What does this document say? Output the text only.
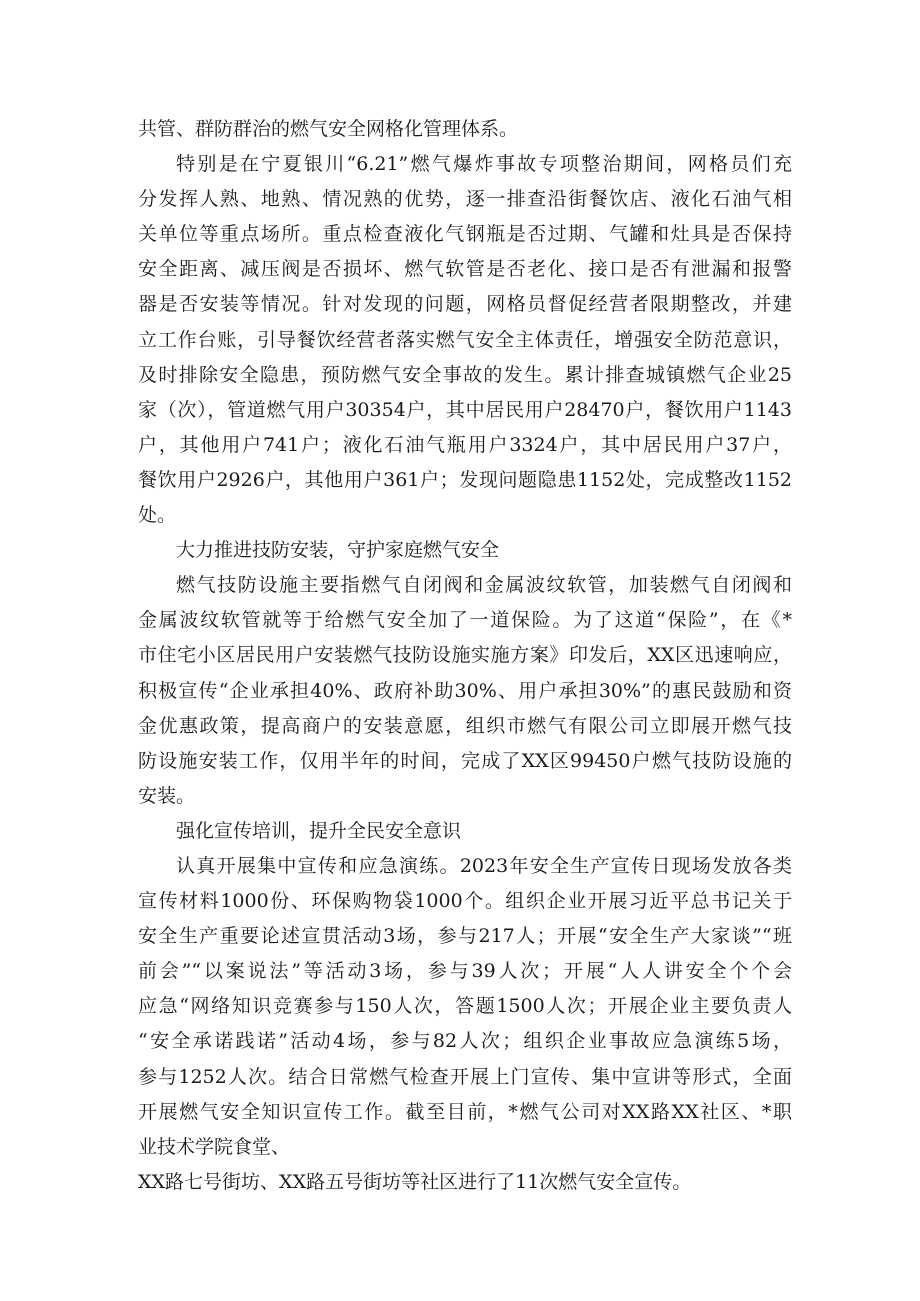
共管、群防群治的燃气安全网格化管理体系。
特别是在宁夏银川“6.21”燃气爆炸事故专项整治期间，网格员们充
分发挥人熟、地熟、情况熟的优势，逐一排查沿街餐饮店、液化石油气相
关单位等重点场所。重点检查液化气钢瓶是否过期、气罐和灶具是否保持
安全距离、减压阀是否损坏、燃气软管是否老化、接口是否有泄漏和报警
器是否安装等情况。针对发现的问题，网格员督促经营者限期整改，并建
立工作台账，引导餐饮经营者落实燃气安全主体责任，增强安全防范意识，
及时排除安全隐患，预防燃气安全事故的发生。累计排查城镇燃气企业25
家（次），管道燃气用户30354户，其中居民用户28470户，餐饮用户1143
户，其他用户741户；液化石油气瓶用户3324户，其中居民用户37户，
餐饮用户2926户，其他用户361户；发现问题隐患1152处，完成整改1152
处。
大力推进技防安装，守护家庭燃气安全
燃气技防设施主要指燃气自闭阀和金属波纹软管，加装燃气自闭阀和
金属波纹软管就等于给燃气安全加了一道保险。为了这道“保险”，在《*
市住宅小区居民用户安装燃气技防设施实施方案》印发后，XX区迅速响应，
积极宣传“企业承担40%、政府补助30%、用户承担30%”的惠民鼓励和资
金优惠政策，提高商户的安装意愿，组织市燃气有限公司立即展开燃气技
防设施安装工作，仅用半年的时间，完成了XX区99450户燃气技防设施的
安装。
强化宣传培训，提升全民安全意识
认真开展集中宣传和应急演练。2023年安全生产宣传日现场发放各类
宣传材料1000份、环保购物袋1000个。组织企业开展习近平总书记关于
安全生产重要论述宣贯活动3场，参与217人；开展“安全生产大家谈”“班
前会”“以案说法”等活动3场，参与39人次；开展“人人讲安全个个会
应急“网络知识竞赛参与150人次，答题1500人次；开展企业主要负责人
“安全承诺践诺”活动4场，参与82人次；组织企业事故应急演练5场，
参与1252人次。结合日常燃气检查开展上门宣传、集中宣讲等形式，全面
开展燃气安全知识宣传工作。截至目前，*燃气公司对XX路XX社区、*职
业技术学院食堂、
XX路七号街坊、XX路五号街坊等社区进行了11次燃气安全宣传。
